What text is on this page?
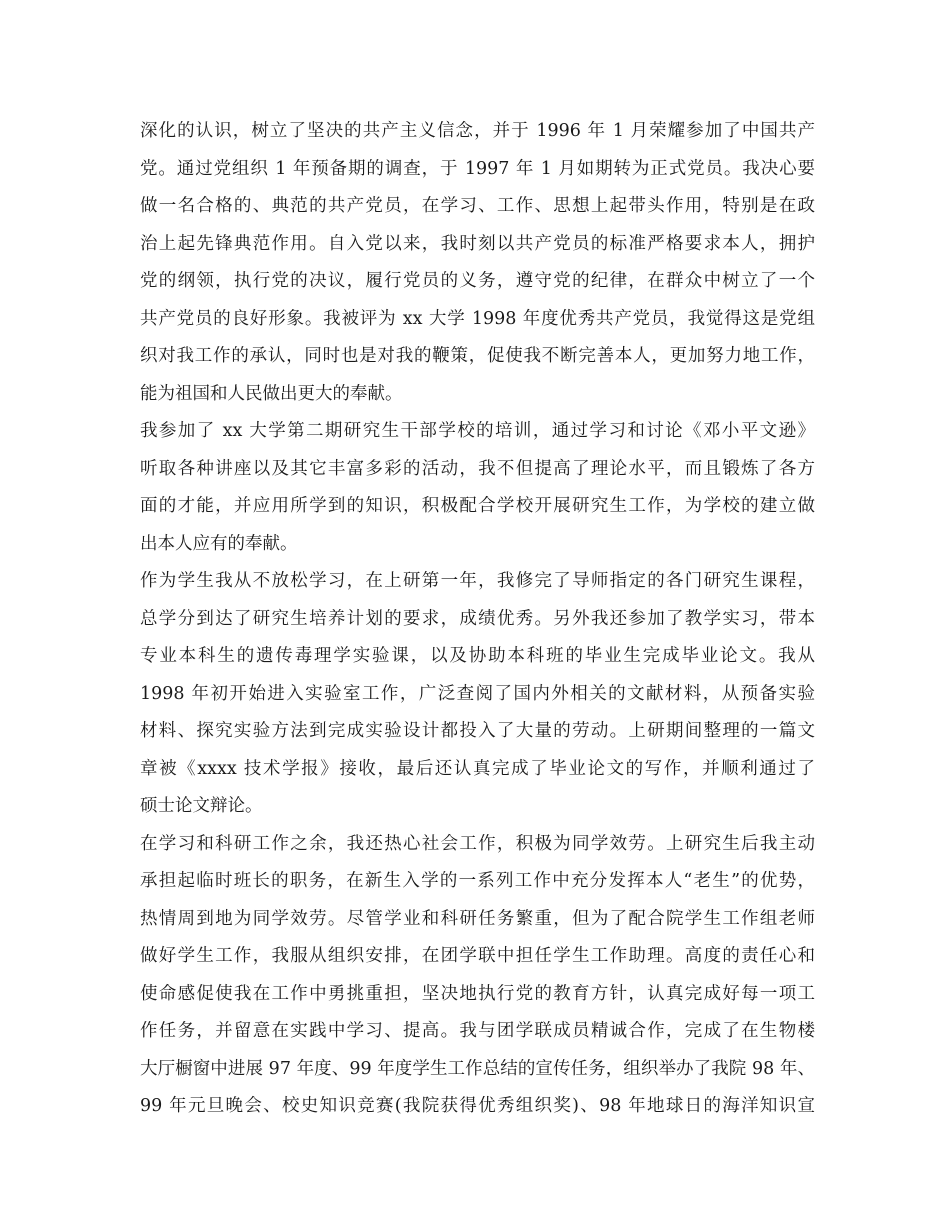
深化的认识，树立了坚决的共产主义信念，并于 1996 年 1 月荣耀参加了中国共产
党。通过党组织 1 年预备期的调查，于 1997 年 1 月如期转为正式党员。我决心要
做一名合格的、典范的共产党员，在学习、工作、思想上起带头作用，特别是在政
治上起先锋典范作用。自入党以来，我时刻以共产党员的标准严格要求本人，拥护
党的纲领，执行党的决议，履行党员的义务，遵守党的纪律，在群众中树立了一个
共产党员的良好形象。我被评为 xx 大学 1998 年度优秀共产党员，我觉得这是党组
织对我工作的承认，同时也是对我的鞭策，促使我不断完善本人，更加努力地工作，
能为祖国和人民做出更大的奉献。
我参加了 xx 大学第二期研究生干部学校的培训，通过学习和讨论《邓小平文逊》
听取各种讲座以及其它丰富多彩的活动，我不但提高了理论水平，而且锻炼了各方
面的才能，并应用所学到的知识，积极配合学校开展研究生工作，为学校的建立做
出本人应有的奉献。
作为学生我从不放松学习，在上研第一年，我修完了导师指定的各门研究生课程，
总学分到达了研究生培养计划的要求，成绩优秀。另外我还参加了教学实习，带本
专业本科生的遗传毒理学实验课，以及协助本科班的毕业生完成毕业论文。我从
1998 年初开始进入实验室工作，广泛查阅了国内外相关的文献材料，从预备实验
材料、探究实验方法到完成实验设计都投入了大量的劳动。上研期间整理的一篇文
章被《xxxx 技术学报》接收，最后还认真完成了毕业论文的写作，并顺利通过了
硕士论文辩论。
在学习和科研工作之余，我还热心社会工作，积极为同学效劳。上研究生后我主动
承担起临时班长的职务，在新生入学的一系列工作中充分发挥本人“老生”的优势，
热情周到地为同学效劳。尽管学业和科研任务繁重，但为了配合院学生工作组老师
做好学生工作，我服从组织安排，在团学联中担任学生工作助理。高度的责任心和
使命感促使我在工作中勇挑重担，坚决地执行党的教育方针，认真完成好每一项工
作任务，并留意在实践中学习、提高。我与团学联成员精诚合作，完成了在生物楼
大厅橱窗中进展 97 年度、99 年度学生工作总结的宣传任务，组织举办了我院 98 年、
99 年元旦晚会、校史知识竞赛(我院获得优秀组织奖)、98 年地球日的海洋知识宣
